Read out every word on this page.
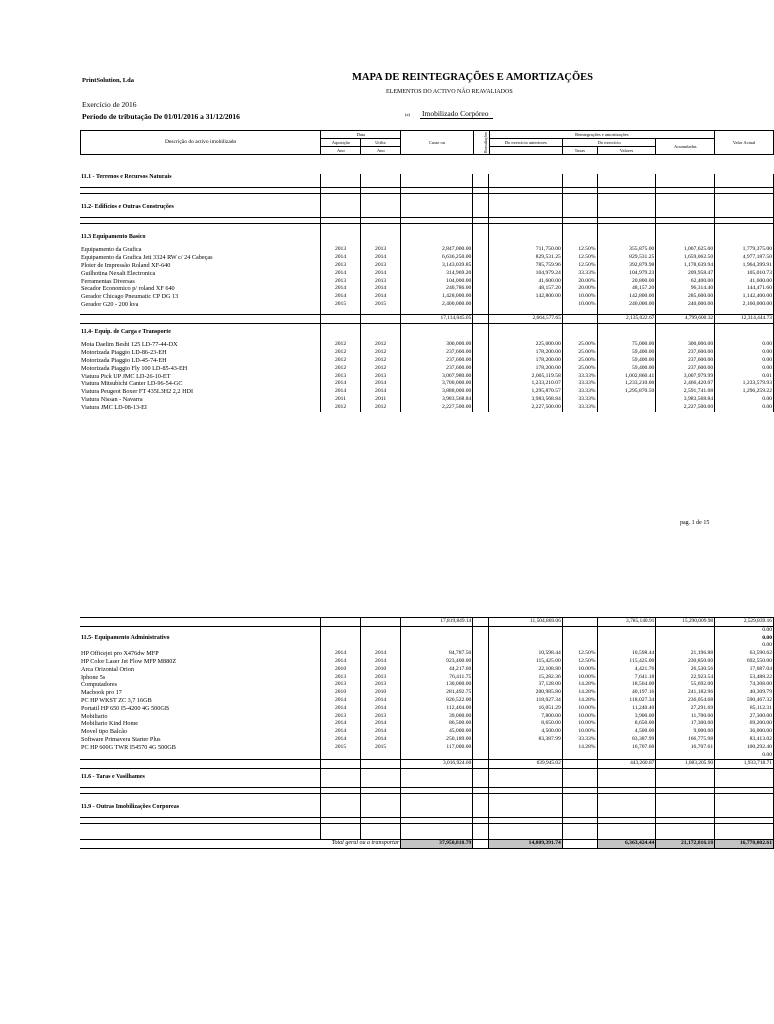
PrintSolution, Lda	MAPA DE REINTEGRAÇÕES E AMORTIZAÇÕES
ELEMENTOS DO ACTIVO NÃO REAVALIADOS
Exercício de 2016
Período de tributação De 01/01/2016 a 31/12/2016	(a) Imobilizado Corpóreo
Descrição do activo imobilizado	Data		Custo ou	Reavaliações	Reintegrações e amortizações				Valor Actual
	Aquisição	Utiliz.			Do exercício anteriores	Do exercício		Acumuladas	
						Taxas	Valores		
	Ano	Ano							
11.1 - Terrenos e Recursos Naturais									

11.2- Edifícios e Outras Construções									

11.3 Equipamento Basico									

Equipamento da Grafica	2013	2013	2,847,000.00		711,750.00	12.50%	355,875.00	1,067,625.00	1,779,375.00
Equipamento da Grafica Jeti 3324 RW c/ 24 Cabeças	2014	2014	6,636,250.00		829,531.25	12.50%	829,531.25	1,659,062.50	4,977,187.50
Ploter de Impressão Roland XF-640	2013	2013	3,143,039.85		785,759.96	12.50%	392,879.98	1,178,639.94	1,964,399.91
Guilhotina Nexalt Electronica	2014	2014	314,969.20		104,979.24	33.33%	104,979.23	209,958.47	105,010.73
Ferramentas Diversas	2013	2013	104,000.00		41,600.00	20.00%	20,800.00	62,400.00	41,600.00
Secador Economico p/ roland XF 640	2014	2014	240,786.00		48,157.20	20.00%	48,157.20	96,314.40	144,471.60
Gerador Chicago Pneumatic CP DG 13	2014	2014	1,428,000.00		142,800.00	10.00%	142,800.00	285,600.00	1,142,400.00
Gerador G20 - 200 kva	2015	2015	2,400,000.00			10.00%	240,000.00	240,000.00	2,160,000.00

			17,114,045.05		2,664,577.65		2,135,022.67	4,799,600.32	12,314,444.73

11.4- Equip. de Carga e Transporte									

Mota Daelim Beshi 125 LD-77-44-DX	2012	2012	300,000.00		225,000.00	25.00%	75,000.00	300,000.00	0.00
Motorizada Piaggio LD-86-23-EH	2012	2012	237,600.00		178,200.00	25.00%	59,400.00	237,600.00	0.00
Motorizada Piaggio LD-45-74-EH	2012	2012	237,600.00		178,200.00	25.00%	59,400.00	237,600.00	0.00
Motorizada Piaggio Fly 100 LD-85-43-EH	2012	2012	237,600.00		178,200.00	25.00%	59,400.00	237,600.00	0.00
Viatura Pick UP JMC LD-26-10-ET	2013	2013	3,007,980.00		2,005,119.58	33.33%	1,002,860.41	3,007,979.99	0.01
Viatura Mitsubichi Canter LD-96-54-GC	2014	2014	3,700,000.00		1,233,210.07	33.33%	1,233,210.00	2,466,420.07	1,233,579.93
Viatura Peugeot Boxer FT 435L3H2 2,2 HDI	2014	2014	3,888,000.00		1,295,870.57	33.33%	1,295,870.50	2,591,741.08	1,296,259.22
Viatura Nissan - Navarra	2011	2011	3,983,568.84		3,983,568.84	33.33%		3,983,568.84	0.00
Viatura JMC LD-08-13-EI	2012	2012	2,227,500.00		2,227,500.00	33.33%		2,227,500.00	0.00
pag. 1 de 15
			17,819,849.14		11,504,869.06		3,785,140.91	15,290,009.98	2,529,839.16
									0.00
11.5- Equipamento Administrativo									0.00
									0.00
HP Officejet pro X476dw MFP	2014	2014	84,787.50		10,598.44	12.50%	10,598.44	21,196.88	63,590.62
HP Color Laser Jet Flow MFP M880Z	2014	2014	923,400.00		115,425.00	12.50%	115,425.00	230,850.00	692,550.00
Arca Orizontal Orion	2010	2010	44,217.60		22,108.80	10.00%	4,421.76	26,530.56	17,687.04
Iphone 5s	2013	2013	76,411.75		15,282.36	10.00%	7,641.18	22,923.54	53,488.22
Computadores	2013	2013	130,000.00		37,128.00	14.28%	18,564.00	55,692.00	74,308.00
Macbook pro 17	2010	2010	281,492.75		200,985.80	14.28%	40,197.16	241,182.96	40,309.79
PC HP WKST ZC 3,7 16GB	2014	2014	826,522.00		118,027.34	14.28%	118,027.34	236,054.68	590,467.32
Portatil HP 650 I5-4200 4G 500GB	2014	2014	112,404.00		16,051.29	10.00%	11,240.40	27,291.69	85,112.31
Mobiliario	2013	2013	39,000.00		7,800.00	10.00%	3,900.00	11,700.00	27,300.00
Mobiliario Kind Home	2014	2014	86,500.00		8,650.00	10.00%	8,650.00	17,300.00	69,200.00
Movel tipo Balcão	2014	2014	45,000.00		4,500.00	10.00%	4,500.00	9,000.00	36,000.00
Software Primavera Starter Plus	2014	2014	250,189.00		83,387.99	33.33%	83,387.99	166,775.98	83,413.02
PC HP 600G TWR I54570 4G 500GB	2015	2015	117,000.00			14.28%	16,707.60	16,707.61	100,292.40
									0.00
			3,016,924.60		639,945.02		443,260.87	1,083,205.90	1,933,718.71

11.6 - Taras e Vasilhames									

11.9 - Outras Imobilizações Corporeas									

Total geral ou a transportar			37,950,818.79		14,809,391.74		6,363,424.44	21,172,816.18	16,778,002.61
